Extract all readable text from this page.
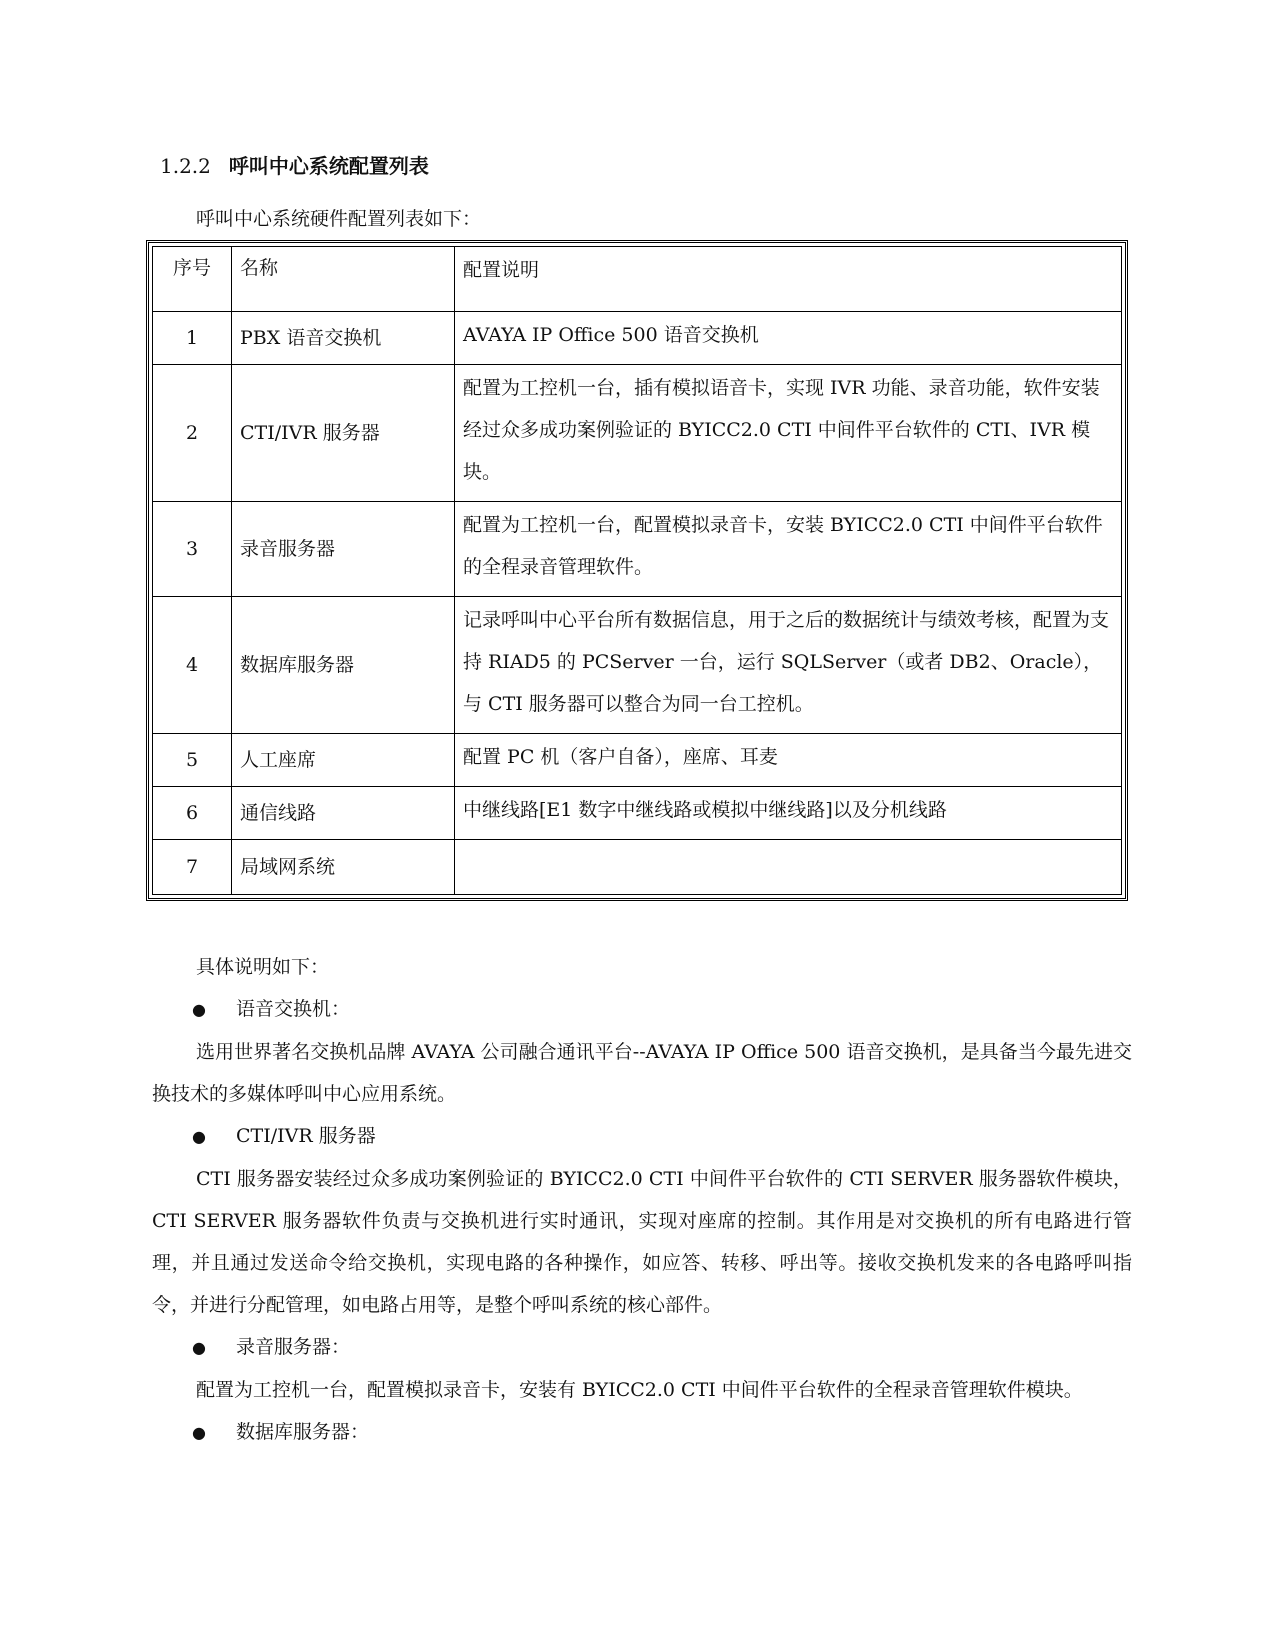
1.2.2 呼叫中心系统配置列表
呼叫中心系统硬件配置列表如下：
序号	名称	配置说明
1	PBX 语音交换机	AVAYA IP Office 500 语音交换机
2	CTI/IVR 服务器	配置为工控机一台，插有模拟语音卡，实现 IVR 功能、录音功能，软件安装经过众多成功案例验证的 BYICC2.0 CTI 中间件平台软件的 CTI、IVR 模块。
3	录音服务器	配置为工控机一台，配置模拟录音卡，安装 BYICC2.0 CTI 中间件平台软件的全程录音管理软件。
4	数据库服务器	记录呼叫中心平台所有数据信息，用于之后的数据统计与绩效考核，配置为支持 RIAD5 的 PCServer 一台，运行 SQLServer（或者 DB2、Oracle），与 CTI 服务器可以整合为同一台工控机。
5	人工座席	配置 PC 机（客户自备），座席、耳麦
6	通信线路	中继线路[E1 数字中继线路或模拟中继线路]以及分机线路
7	局域网系统	

具体说明如下：

● 语音交换机：

选用世界著名交换机品牌 AVAYA 公司融合通讯平台--AVAYA IP Office 500 语音交换机，是具备当今最先进交换技术的多媒体呼叫中心应用系统。

● CTI/IVR 服务器

CTI 服务器安装经过众多成功案例验证的 BYICC2.0 CTI 中间件平台软件的 CTI SERVER 服务器软件模块， CTI SERVER 服务器软件负责与交换机进行实时通讯，实现对座席的控制。其作用是对交换机的所有电路进行管理，并且通过发送命令给交换机，实现电路的各种操作，如应答、转移、呼出等。接收交换机发来的各电路呼叫指令，并进行分配管理，如电路占用等，是整个呼叫系统的核心部件。

● 录音服务器：

配置为工控机一台，配置模拟录音卡，安装有 BYICC2.0 CTI 中间件平台软件的全程录音管理软件模块。

● 数据库服务器：
